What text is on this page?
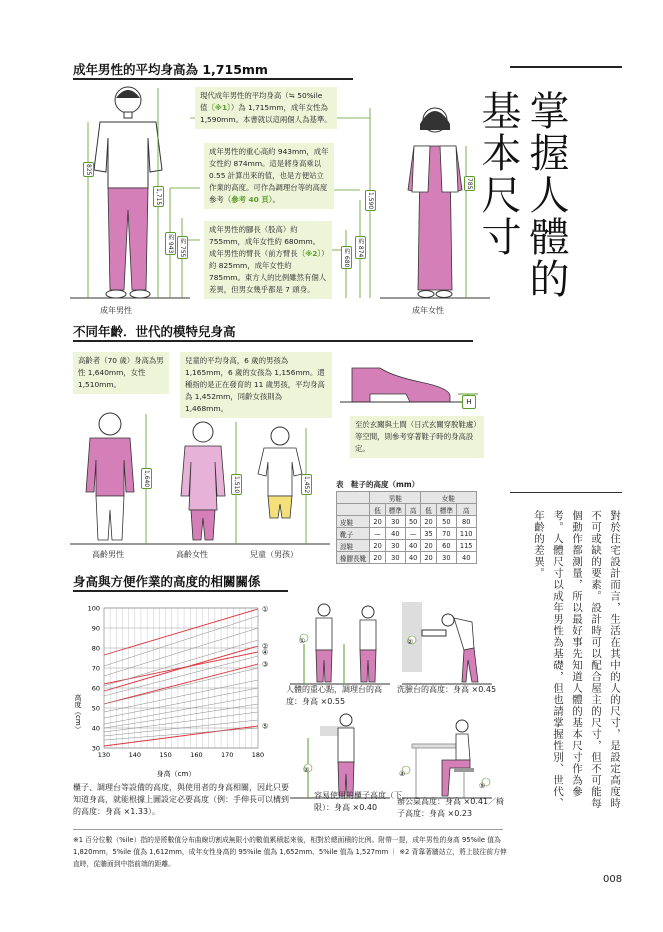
成年男性的平均身高為 1,715mm
現代成年男性的平均身高（≒ 50%ile 值〔※1〕）為 1,715mm，成年女性為 1,590mm。本書就以這兩個人為基準。
成年男性的重心高約 943mm，成年女性約 874mm。這是將身高乘以 0.55 計算出來的值，也是方便站立作業的高度。可作為調理台等的高度參考（參考 40 頁）。
成年男性的腳長（股高）約 755mm，成年女性約 680mm。成年男性的臂長（前方臂長〔※2〕）約 825mm，成年女性約 785mm。東方人的比例雖然有個人差異，但男女幾乎都是 7 頭身。
825
1,715
約 943 約 755
約 680
約 874
1,590
785
成年男性	成年女性
掌握人體的
基本尺寸
不同年齡．世代的模特兒身高
高齡者（70 歲）身高為男性 1,640mm，女性 1,510mm。
兒童的平均身高，6 歲的男孩為 1,165mm，6 歲的女孩為 1,156mm。還種指的是正在發育的 11 歲男孩，平均身高為 1,452mm，同齡女孩則為 1,468mm。
H
至於玄關與土間（日式玄關穿脫鞋處）等空間，則參考穿著鞋子時的身高設定。
1,640	1,510	1,452
高齡男性	高齡女性	兒童（男孩）
表　鞋子的高度（mm）
	男鞋			女鞋		
	低	標準	高	低	標準	高
皮鞋	20	30	50	20	50	80
靴子	—	40	—	35	70	110
涼鞋	20	30	40	20	60	115
橡膠長靴	20	30	40	20	30	40	對於住宅設計而言，生活在其中的人的尺寸，是設定高度時不可或缺的要素。設計時可以配合屋主的尺寸，但不可能每個動作都測量，所以最好事先知道人體的基本尺寸作為參考。人體尺寸以成年男性為基礎，但也請掌握性別、世代、年齡的差異。
身高與方便作業的高度的相關關係
30
40
50
60
70
80
90
100
130	140	150	160	170	180
①
②
③
④
⑤
高度（cm）
身高（cm）
櫃子、調理台等設備的高度，與使用者的身高相關，因此只要知道身高，就能根據上圖設定必要高度（例：手伸長可以構到的高度：身高 ×1.33）。
①	②
③	④
⑤
人體的重心點，調理台的高度：身高 ×0.55
洗臉台的高度：身高 ×0.45
容易使用的櫃子高度（下限）：身高 ×0.40
辦公桌高度：身高 ×0.41／椅子高度：身高 ×0.23
※1 百分位數（%ile）指的是將數值分布曲線切割成無限小的數值累積起來後，相對於總面積的比例。附帶一提，成年男性的身高 95%ile 值為 1,820mm，5%ile 值為 1,612mm，成年女性身高的 95%ile 值為 1,652mm、5%ile 值為 1,527mm ｜ ※2 背靠著牆站立，將上肢往前方伸直時，從牆面到中指前端的距離。
008
